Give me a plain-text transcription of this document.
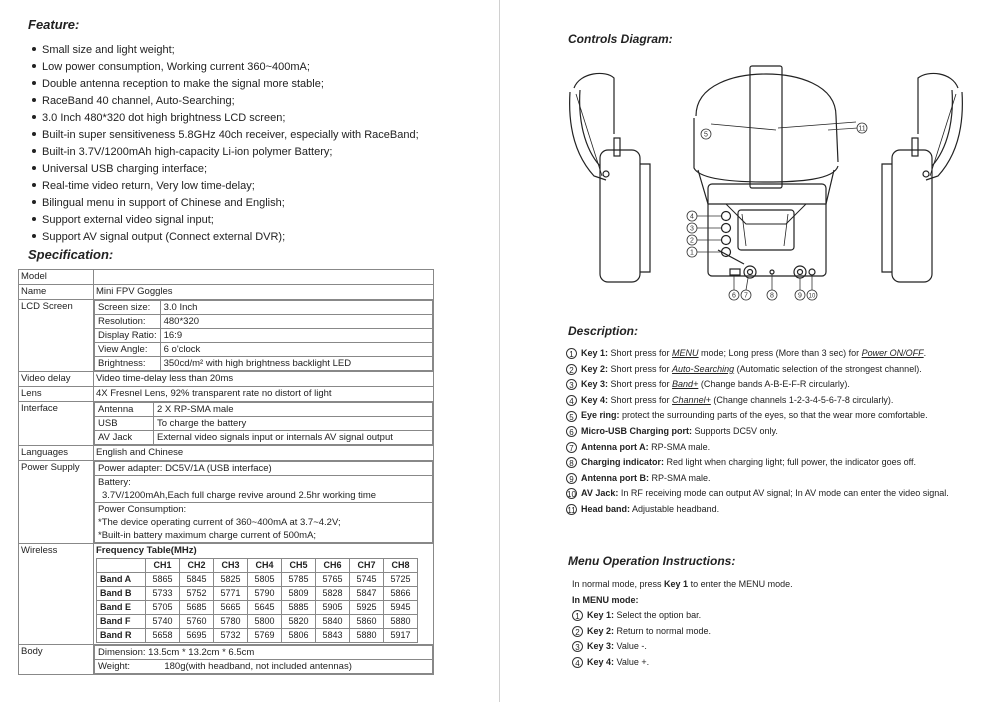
Feature:
Small size and light weight;
Low power consumption, Working current 360~400mA;
Double antenna reception to make the signal more stable;
RaceBand 40 channel, Auto-Searching;
3.0 Inch 480*320 dot high brightness LCD screen;
Built-in super sensitiveness 5.8GHz 40ch receiver, especially with RaceBand;
Built-in 3.7V/1200mAh high-capacity Li-ion polymer Battery;
Universal USB charging interface;
Real-time video return, Very low time-delay;
Bilingual menu in support of Chinese and English;
Support external video signal input;
Support AV signal output (Connect external DVR);
Specification:
Model	
Name	Mini FPV Goggles
LCD Screen		Screen size:	3.0 Inch
Resolution:	480*320
Display Ratio:	16:9
View Angle:	6 o'clock
Brightness:	350cd/m² with high brightness backlight LED

Video delay	Video time-delay less than 20ms
Lens	4X Fresnel Lens, 92% transparent rate no distort of light
Interface		Antenna	2 X RP-SMA male
USB	To charge the battery
AV Jack	External video signals input or internals AV signal output

Languages	English and Chinese
Power Supply	Power adapter: DC5V/1A (USB interface)

Battery:
3.7V/1200mAh,Each full charge revive around 2.5hr working time

Power Consumption:
*The device operating current of 360~400mA at 3.7~4.2V;
*Built-in battery maximum charge current of 500mA;

Wireless	Frequency Table(MHz)
	CH1	CH2	CH3	CH4	CH5	CH6	CH7	CH8
Band A	5865	5845	5825	5805	5785	5765	5745	5725
Band B	5733	5752	5771	5790	5809	5828	5847	5866
Band E	5705	5685	5665	5645	5885	5905	5925	5945
Band F	5740	5760	5780	5800	5820	5840	5860	5880
Band R	5658	5695	5732	5769	5806	5843	5880	5917

Body		Dimension: 13.5cm * 13.2cm * 6.5cm
Weight:             180g(with headband, not included antennas)
Controls Diagram:
11
5
4
3
2
1
6 7	8	9 10
Description:
1 Key 1: Short press for MENU mode; Long press (More than 3 sec) for Power ON/OFF.
2 Key 2: Short press for Auto-Searching (Automatic selection of the strongest channel).
3 Key 3: Short press for Band+ (Change bands A-B-E-F-R circularly).
4 Key 4: Short press for Channel+ (Change channels 1-2-3-4-5-6-7-8 circularly).
5 Eye ring: protect the surrounding parts of the eyes, so that the wear more comfortable.
6 Micro-USB Charging port: Supports DC5V only.
7 Antenna port A: RP-SMA male.
8 Charging indicator: Red light when charging light; full power, the indicator goes off.
9 Antenna port B: RP-SMA male.
10 AV Jack: In RF receiving mode can output AV signal; In AV mode can enter the video signal.
11 Head band: Adjustable headband.
Menu Operation Instructions:
In normal mode, press Key 1 to enter the MENU mode.
In MENU mode:
1 Key 1: Select the option bar.
2 Key 2: Return to normal mode.
3 Key 3: Value -.
4 Key 4: Value +.
